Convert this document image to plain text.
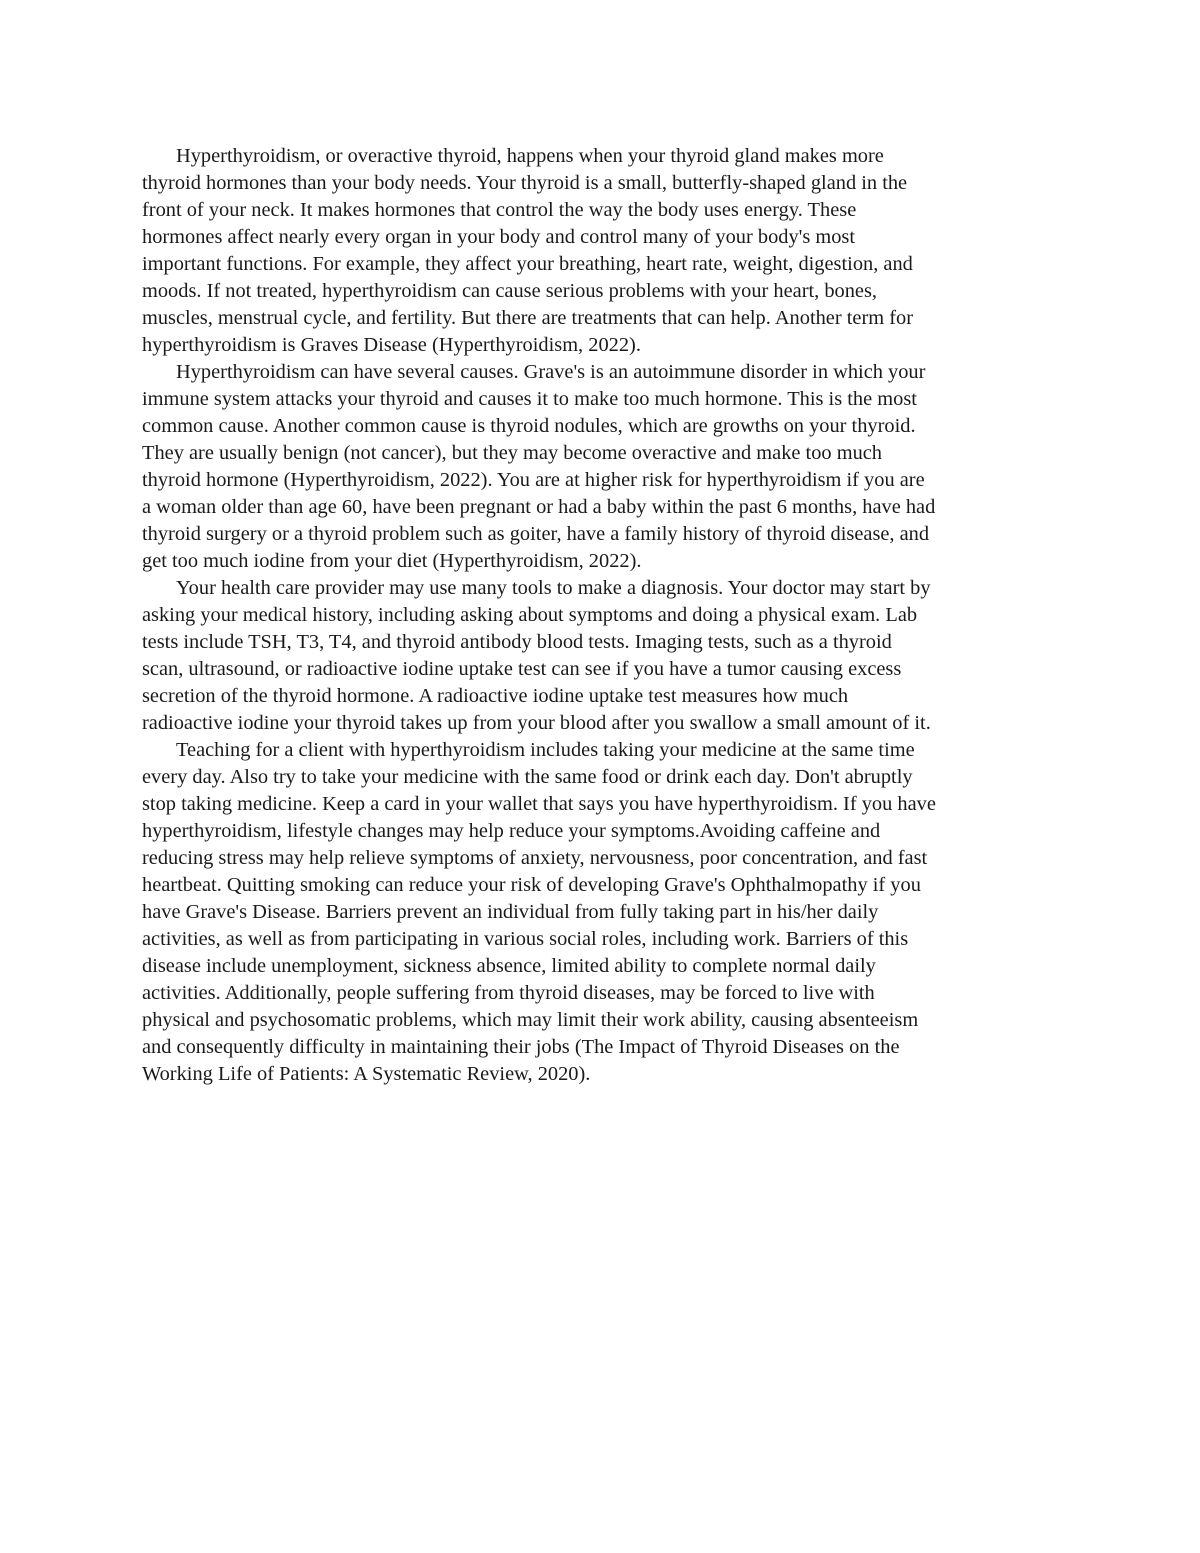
Hyperthyroidism, or overactive thyroid, happens when your thyroid gland makes more
thyroid hormones than your body needs. Your thyroid is a small, butterfly-shaped gland in the
front of your neck. It makes hormones that control the way the body uses energy. These
hormones affect nearly every organ in your body and control many of your body's most
important functions. For example, they affect your breathing, heart rate, weight, digestion, and
moods. If not treated, hyperthyroidism can cause serious problems with your heart, bones,
muscles, menstrual cycle, and fertility. But there are treatments that can help. Another term for
hyperthyroidism is Graves Disease (Hyperthyroidism, 2022).

Hyperthyroidism can have several causes. Grave's is an autoimmune disorder in which your
immune system attacks your thyroid and causes it to make too much hormone. This is the most
common cause. Another common cause is thyroid nodules, which are growths on your thyroid.
They are usually benign (not cancer), but they may become overactive and make too much
thyroid hormone (Hyperthyroidism, 2022). You are at higher risk for hyperthyroidism if you are
a woman older than age 60, have been pregnant or had a baby within the past 6 months, have had
thyroid surgery or a thyroid problem such as goiter, have a family history of thyroid disease, and
get too much iodine from your diet (Hyperthyroidism, 2022).

Your health care provider may use many tools to make a diagnosis. Your doctor may start by
asking your medical history, including asking about symptoms and doing a physical exam. Lab
tests include TSH, T3, T4, and thyroid antibody blood tests. Imaging tests, such as a thyroid
scan, ultrasound, or radioactive iodine uptake test can see if you have a tumor causing excess
secretion of the thyroid hormone. A radioactive iodine uptake test measures how much
radioactive iodine your thyroid takes up from your blood after you swallow a small amount of it.

Teaching for a client with hyperthyroidism includes taking your medicine at the same time
every day. Also try to take your medicine with the same food or drink each day. Don't abruptly
stop taking medicine. Keep a card in your wallet that says you have hyperthyroidism. If you have
hyperthyroidism, lifestyle changes may help reduce your symptoms.Avoiding caffeine and
reducing stress may help relieve symptoms of anxiety, nervousness, poor concentration, and fast
heartbeat. Quitting smoking can reduce your risk of developing Grave's Ophthalmopathy if you
have Grave's Disease. Barriers prevent an individual from fully taking part in his/her daily
activities, as well as from participating in various social roles, including work. Barriers of this
disease include unemployment, sickness absence, limited ability to complete normal daily
activities. Additionally, people suffering from thyroid diseases, may be forced to live with
physical and psychosomatic problems, which may limit their work ability, causing absenteeism
and consequently difficulty in maintaining their jobs (The Impact of Thyroid Diseases on the
Working Life of Patients: A Systematic Review, 2020).
